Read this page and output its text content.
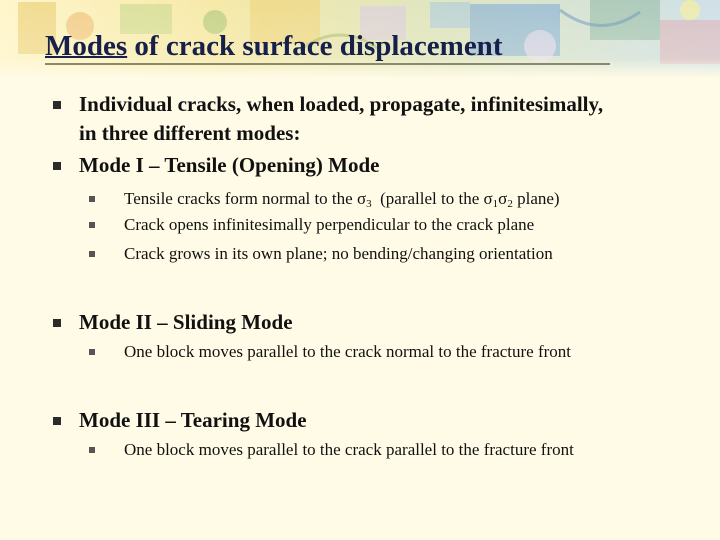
Modes of crack surface displacement
Individual cracks, when loaded, propagate, infinitesimally,
in three different modes:
Mode I – Tensile (Opening) Mode
Tensile cracks form normal to the $\sigma_3$  (parallel to the $\sigma_1\sigma_2$ plane)
Crack opens infinitesimally perpendicular to the crack plane
Crack grows in its own plane; no bending/changing orientation
Mode II – Sliding Mode
One block moves parallel to the crack normal to the fracture front
Mode III – Tearing Mode
One block moves parallel to the crack parallel to the fracture front
